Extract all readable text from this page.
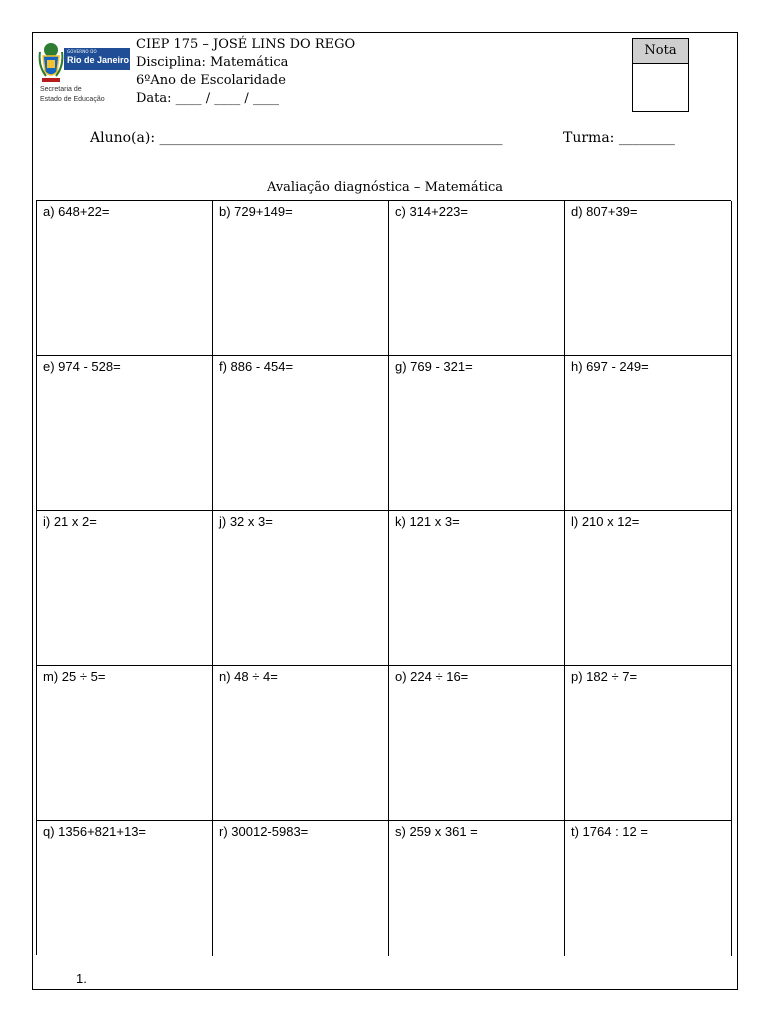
GOVERNO DO
Rio de Janeiro
Secretaria de
Estado de Educação
CIEP 175 – JOSÉ LINS DO REGO
Disciplina: Matemática
6ºAno de Escolaridade
Data: ____ / ____ / ____
Nota
Aluno(a): _________________________________________________	Turma: ________
Avaliação diagnóstica – Matemática
a) 648+22=	b) 729+149=	c) 314+223=	d) 807+39=
e) 974 - 528=	f) 886 - 454=	g) 769 - 321=	h) 697 - 249=
i) 21 x 2=	j) 32 x 3=	k) 121 x 3=	l) 210 x 12=
m) 25 ÷ 5=	n) 48 ÷ 4=	o) 224 ÷ 16=	p) 182 ÷ 7=
q) 1356+821+13=	r) 30012-5983=	s) 259 x 361 =	t) 1764 : 12 =
1.
